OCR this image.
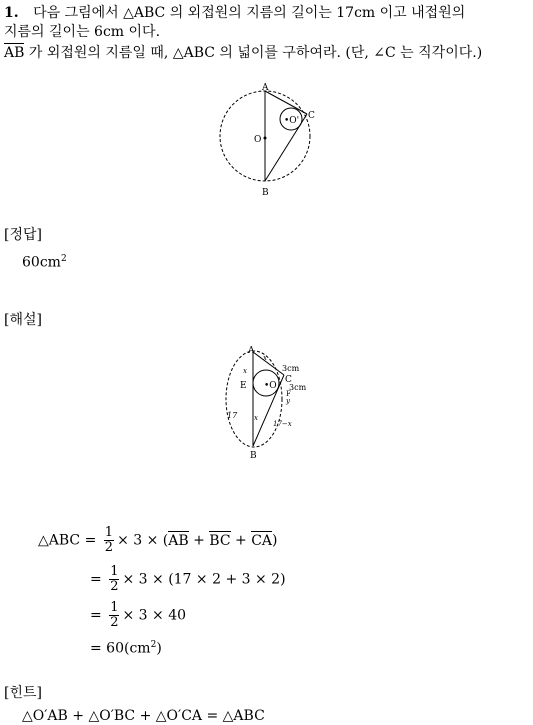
1. 다음 그림에서 △ABC 의 외접원의 지름의 길이는 17cm 이고 내접원의
지름의 길이는 6cm 이다.
AB 가 외접원의 지름일 때, △ABC 의 넓이를 구하여라. (단, ∠C 는 직각이다.)
A
B
C
O
•O'
[정답]
$60cm^2$
[해설]
A
B
C
E •O
F
x
x
x
3cm
3cm
17
17−x
y
△ABC = $\frac{1}{2} \times 3 \times (AB$ + BC + CA)
= $\frac{1}{2} \times 3 \times (17 \times 2 + 3 \times 2)$
= $\frac{1}{2} \times 3 \times 40$
= $60(cm^2)$
[힌트]
△O′AB + △O′BC + △O′CA = △ABC
